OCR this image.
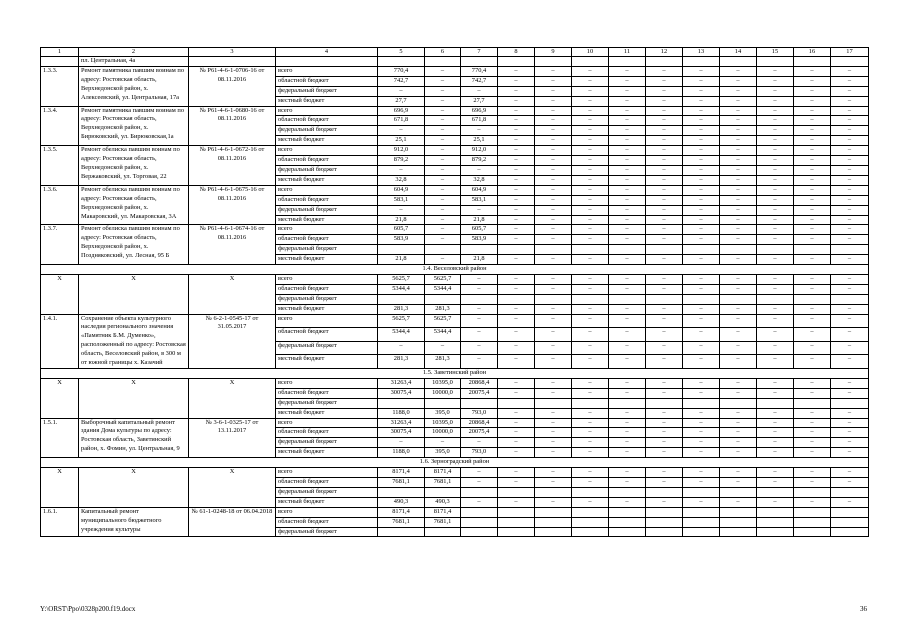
1	2	3	4	5	6	7	8	9	10	11	12	13	14	15	16	17
	пл. Центральная, 4а															
1.3.3.	Ремонт памятника павшим воинам по адресу: Ростовская область, Верхнедонской район, х. Алексеевский, ул. Центральная, 17а	№ Р61-4-6-1-0706-16 от 08.11.2016	всего	770,4	–	770,4	–	–	–	–	–	–	–	–	–	–
			областной бюджет	742,7	–	742,7	–	–	–	–	–	–	–	–	–	–
			федеральный бюджет	–	–	–	–	–	–	–	–	–	–	–	–	–
			местный бюджет	27,7	–	27,7	–	–	–	–	–	–	–	–	–	–
1.3.4.	Ремонт памятника павшим воинам по адресу: Ростовская область, Верхнедонской район, х. Бирюковский, ул. Бирюковская,1а	№ Р61-4-6-1-0680-16 от 08.11.2016	всего	696,9	–	696,9	–	–	–	–	–	–	–	–	–	–
			областной бюджет	671,8	–	671,8	–	–	–	–	–	–	–	–	–	–
			федеральный бюджет	–	–	–	–	–	–	–	–	–	–	–	–	–
			местный бюджет	25,1	–	25,1	–	–	–	–	–	–	–	–	–	–
1.3.5.	Ремонт обелиска павшим воинам по адресу: Ростовская область, Верхнедонской район, х. Вержаковский, ул. Торговая, 22	№ Р61-4-6-1-0672-16 от 08.11.2016	всего	912,0	–	912,0	–	–	–	–	–	–	–	–	–	–
			областной бюджет	879,2	–	879,2	–	–	–	–	–	–	–	–	–	–
			федеральный бюджет	–	–	–	–	–	–	–	–	–	–	–	–	–
			местный бюджет	32,8	–	32,8	–	–	–	–	–	–	–	–	–	–
1.3.6.	Ремонт обелиска павшим воинам по адресу: Ростовская область, Верхнедонской район, х. Макаровский, ул. Макаровская, 3А	№ Р61-4-6-1-0675-16 от 08.11.2016	всего	604,9	–	604,9	–	–	–	–	–	–	–	–	–	–
			областной бюджет	583,1	–	583,1	–	–	–	–	–	–	–	–	–	–
			федеральный бюджет	–	–	–	–	–	–	–	–	–	–	–	–	–
			местный бюджет	21,8	–	21,8	–	–	–	–	–	–	–	–	–	–
1.3.7.	Ремонт обелиска павшим воинам по адресу: Ростовская область, Верхнедонской район, х. Поздняковский, ул. Лесная, 95 Б	№ Р61-4-6-1-0674-16 от 08.11.2016	всего	605,7	–	605,7	–	–	–	–	–	–	–	–	–	–
			областной бюджет	583,9	–	583,9	–	–	–	–	–	–	–	–	–	–
			федеральный бюджет													
			местный бюджет	21,8	–	21,8	–	–	–	–	–	–	–	–	–	–
1.4. Веселовский район																
Х	Х	Х	всего	5625,7	5625,7	–	–	–	–	–	–	–	–	–	–	–
			областной бюджет	5344,4	5344,4	–	–	–	–	–	–	–	–	–	–	–
			федеральный бюджет													
			местный бюджет	281,3	281,3	–	–	–	–	–	–	–	–	–	–	–
1.4.1.	Сохранение объекта культурного наследия регионального значения «Памятник Б.М. Думенко», расположенный по адресу: Ростовская область, Веселовский район, в 300 м от южной границы х. Казачий	№ 6-2-1-0545-17 от 31.05.2017	всего	5625,7	5625,7	–	–	–	–	–	–	–	–	–	–	–
			областной бюджет	5344,4	5344,4	–	–	–	–	–	–	–	–	–	–	–
			федеральный бюджет	–	–	–	–	–	–	–	–	–	–	–	–	–
			местный бюджет	281,3	281,3	–	–	–	–	–	–	–	–	–	–	–
1.5. Заветинский район																
Х	Х	Х	всего	31263,4	10395,0	20868,4	–	–	–	–	–	–	–	–	–	–
			областной бюджет	30075,4	10000,0	20075,4	–	–	–	–	–	–	–	–	–	–
			федеральный бюджет													
			местный бюджет	1188,0	395,0	793,0	–	–	–	–	–	–	–	–	–	–
1.5.1.	Выборочный капитальный ремонт здания Дома культуры по адресу: Ростовская область, Заветинский район, х. Фомин, ул. Центральная, 9	№ 3-6-1-0325-17 от 13.11.2017	всего	31263,4	10395,0	20868,4	–	–	–	–	–	–	–	–	–	–
			областной бюджет	30075,4	10000,0	20075,4	–	–	–	–	–	–	–	–	–	–
			федеральный бюджет	–	–	–	–	–	–	–	–	–	–	–	–	–
			местный бюджет	1188,0	395,0	793,0	–	–	–	–	–	–	–	–	–	–
1.6. Зерноградский район																
Х	Х	Х	всего	8171,4	8171,4	–	–	–	–	–	–	–	–	–	–	–
			областной бюджет	7681,1	7681,1	–	–	–	–	–	–	–	–	–	–	–
			федеральный бюджет													
			местный бюджет	490,3	490,3	–	–	–	–	–	–	–	–	–	–	–
1.6.1.	Капитальный ремонт муниципального бюджетного учреждения культуры	№ 61-1-0248-18 от 06.04.2018	всего	8171,4	8171,4											
			областной бюджет	7681,1	7681,1											
			федеральный бюджет													
Y:\ORST\Ppo\0328p200.f19.docx	36
